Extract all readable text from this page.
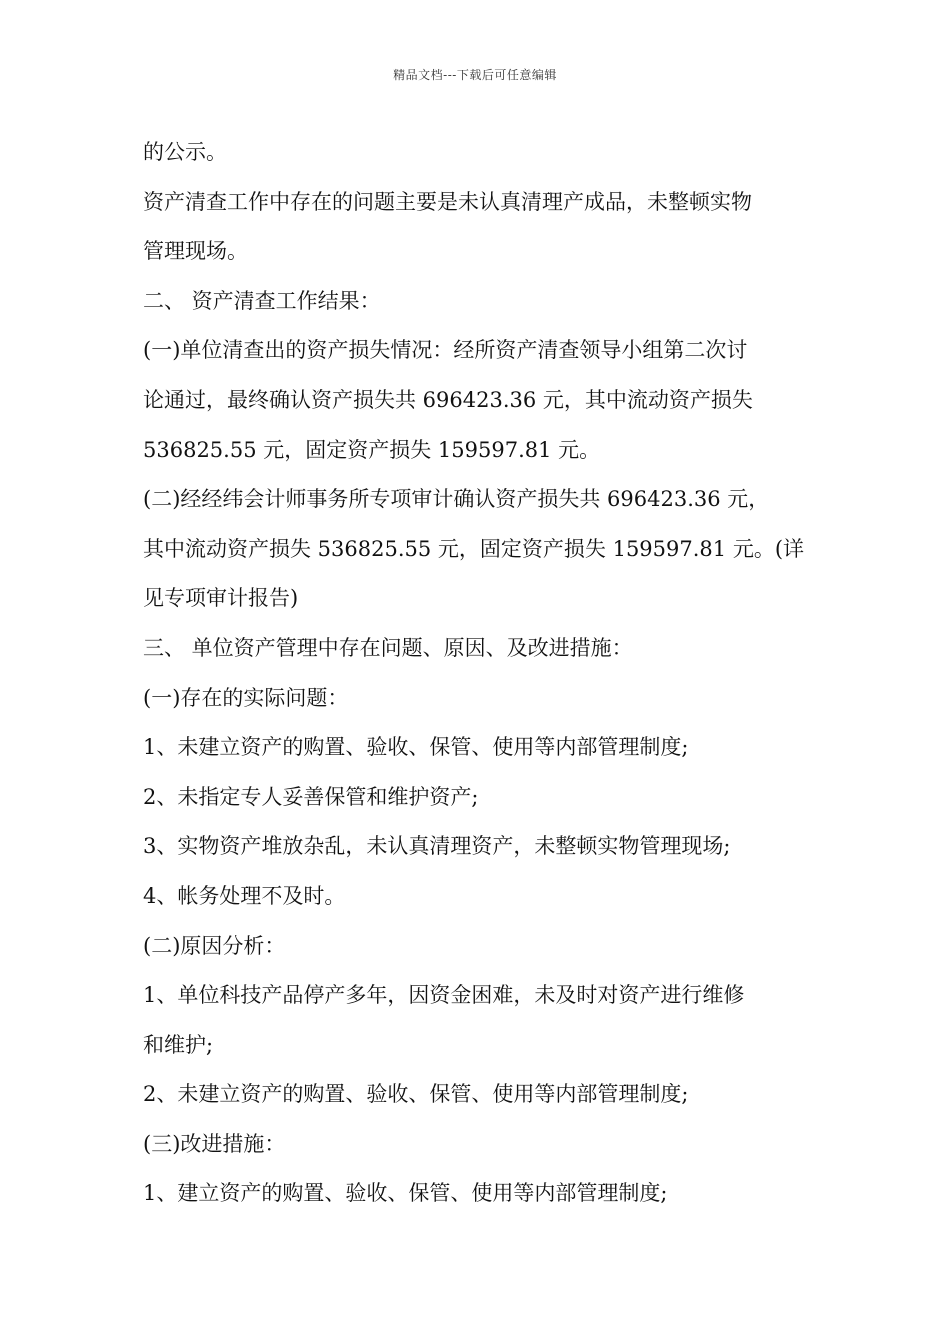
精品文档---下载后可任意编辑
的公示。
资产清查工作中存在的问题主要是未认真清理产成品，未整顿实物
管理现场。
二、 资产清查工作结果：
(一)单位清查出的资产损失情况：经所资产清查领导小组第二次讨
论通过，最终确认资产损失共 696423.36 元，其中流动资产损失
536825.55 元，固定资产损失 159597.81 元。
(二)经经纬会计师事务所专项审计确认资产损失共 696423.36 元，
其中流动资产损失 536825.55 元，固定资产损失 159597.81 元。(详
见专项审计报告)
三、 单位资产管理中存在问题、原因、及改进措施：
(一)存在的实际问题：
1、未建立资产的购置、验收、保管、使用等内部管理制度;
2、未指定专人妥善保管和维护资产;
3、实物资产堆放杂乱，未认真清理资产，未整顿实物管理现场;
4、帐务处理不及时。
(二)原因分析：
1、单位科技产品停产多年，因资金困难，未及时对资产进行维修
和维护;
2、未建立资产的购置、验收、保管、使用等内部管理制度;
(三)改进措施：
1、建立资产的购置、验收、保管、使用等内部管理制度;
